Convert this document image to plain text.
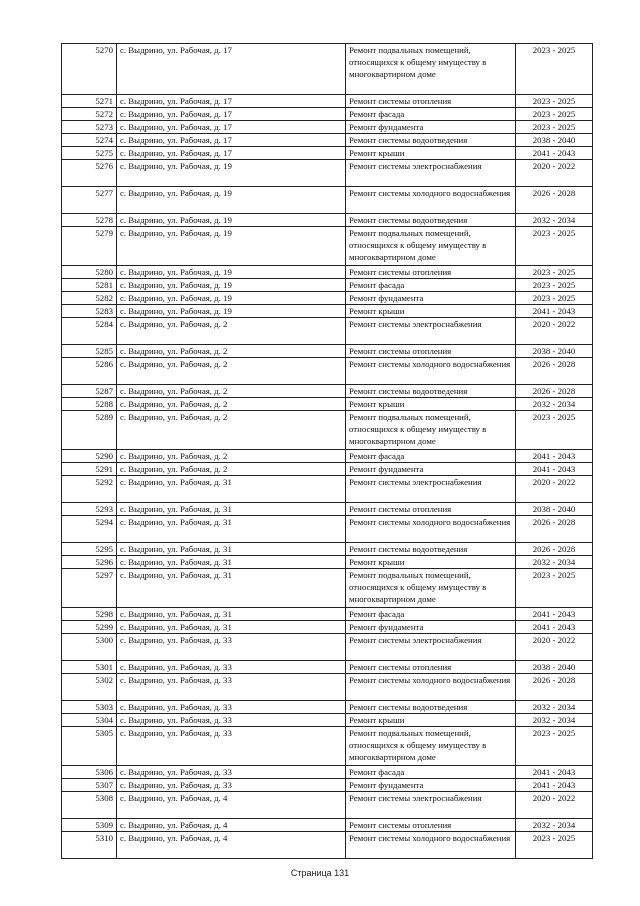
5270	с. Выдрино, ул. Рабочая, д. 17	Ремонт подвальных помещений, относящихся к общему имуществу в многоквартирном доме	2023 - 2025
5271	с. Выдрино, ул. Рабочая, д. 17	Ремонт системы отопления	2023 - 2025
5272	с. Выдрино, ул. Рабочая, д. 17	Ремонт фасада	2023 - 2025
5273	с. Выдрино, ул. Рабочая, д. 17	Ремонт фундамента	2023 - 2025
5274	с. Выдрино, ул. Рабочая, д. 17	Ремонт системы водоотведения	2038 - 2040
5275	с. Выдрино, ул. Рабочая, д. 17	Ремонт крыши	2041 - 2043
5276	с. Выдрино, ул. Рабочая, д. 19	Ремонт системы электроснабжения	2020 - 2022
5277	с. Выдрино, ул. Рабочая, д. 19	Ремонт системы холодного водоснабжения	2026 - 2028
5278	с. Выдрино, ул. Рабочая, д. 19	Ремонт системы водоотведения	2032 - 2034
5279	с. Выдрино, ул. Рабочая, д. 19	Ремонт подвальных помещений, относящихся к общему имуществу в многоквартирном доме	2023 - 2025
5280	с. Выдрино, ул. Рабочая, д. 19	Ремонт системы отопления	2023 - 2025
5281	с. Выдрино, ул. Рабочая, д. 19	Ремонт фасада	2023 - 2025
5282	с. Выдрино, ул. Рабочая, д. 19	Ремонт фундамента	2023 - 2025
5283	с. Выдрино, ул. Рабочая, д. 19	Ремонт крыши	2041 - 2043
5284	с. Выдрино, ул. Рабочая, д. 2	Ремонт системы электроснабжения	2020 - 2022
5285	с. Выдрино, ул. Рабочая, д. 2	Ремонт системы отопления	2038 - 2040
5286	с. Выдрино, ул. Рабочая, д. 2	Ремонт системы холодного водоснабжения	2026 - 2028
5287	с. Выдрино, ул. Рабочая, д. 2	Ремонт системы водоотведения	2026 - 2028
5288	с. Выдрино, ул. Рабочая, д. 2	Ремонт крыши	2032 - 2034
5289	с. Выдрино, ул. Рабочая, д. 2	Ремонт подвальных помещений, относящихся к общему имуществу в многоквартирном доме	2023 - 2025
5290	с. Выдрино, ул. Рабочая, д. 2	Ремонт фасада	2041 - 2043
5291	с. Выдрино, ул. Рабочая, д. 2	Ремонт фундамента	2041 - 2043
5292	с. Выдрино, ул. Рабочая, д. 31	Ремонт системы электроснабжения	2020 - 2022
5293	с. Выдрино, ул. Рабочая, д. 31	Ремонт системы отопления	2038 - 2040
5294	с. Выдрино, ул. Рабочая, д. 31	Ремонт системы холодного водоснабжения	2026 - 2028
5295	с. Выдрино, ул. Рабочая, д. 31	Ремонт системы водоотведения	2026 - 2028
5296	с. Выдрино, ул. Рабочая, д. 31	Ремонт крыши	2032 - 2034
5297	с. Выдрино, ул. Рабочая, д. 31	Ремонт подвальных помещений, относящихся к общему имуществу в многоквартирном доме	2023 - 2025
5298	с. Выдрино, ул. Рабочая, д. 31	Ремонт фасада	2041 - 2043
5299	с. Выдрино, ул. Рабочая, д. 31	Ремонт фундамента	2041 - 2043
5300	с. Выдрино, ул. Рабочая, д. 33	Ремонт системы электроснабжения	2020 - 2022
5301	с. Выдрино, ул. Рабочая, д. 33	Ремонт системы отопления	2038 - 2040
5302	с. Выдрино, ул. Рабочая, д. 33	Ремонт системы холодного водоснабжения	2026 - 2028
5303	с. Выдрино, ул. Рабочая, д. 33	Ремонт системы водоотведения	2032 - 2034
5304	с. Выдрино, ул. Рабочая, д. 33	Ремонт крыши	2032 - 2034
5305	с. Выдрино, ул. Рабочая, д. 33	Ремонт подвальных помещений, относящихся к общему имуществу в многоквартирном доме	2023 - 2025
5306	с. Выдрино, ул. Рабочая, д. 33	Ремонт фасада	2041 - 2043
5307	с. Выдрино, ул. Рабочая, д. 33	Ремонт фундамента	2041 - 2043
5308	с. Выдрино, ул. Рабочая, д. 4	Ремонт системы электроснабжения	2020 - 2022
5309	с. Выдрино, ул. Рабочая, д. 4	Ремонт системы отопления	2032 - 2034
5310	с. Выдрино, ул. Рабочая, д. 4	Ремонт системы холодного водоснабжения	2023 - 2025
Страница 131
